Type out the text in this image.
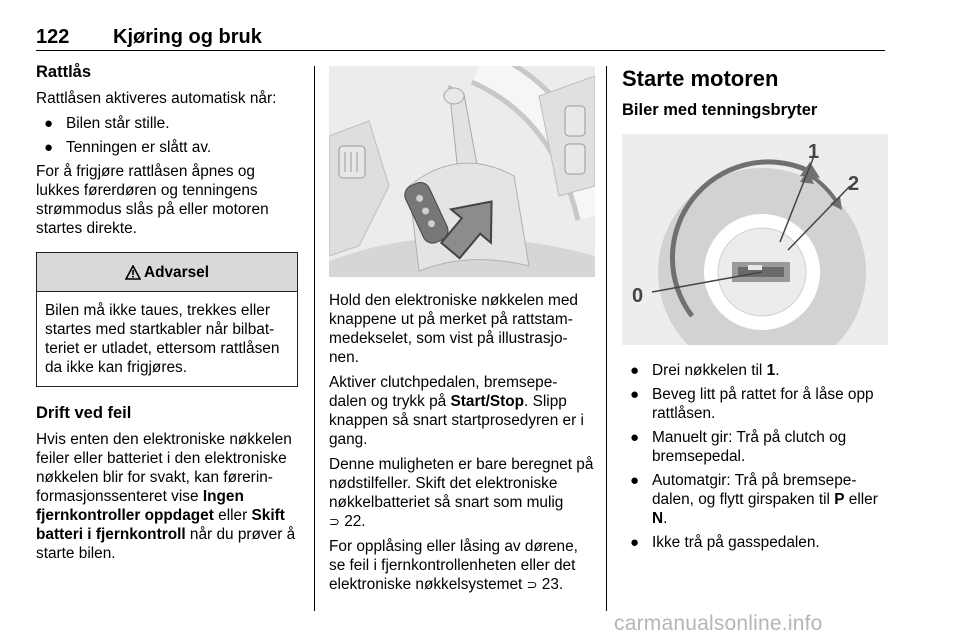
122 Kjøring og bruk
Rattlås

Rattlåsen aktiveres automatisk når:

● Bilen står stille.
● Tenningen er slått av.

For å frigjøre rattlåsen åpnes og lukkes førerdøren og tenningens strømmodus slås på eller motoren startes direkte.

Advarsel
Bilen må ikke taues, trekkes eller startes med startkabler når bilbat-teriet er utladet, ettersom rattlåsen da ikke kan frigjøres.
Drift ved feil

Hvis enten den elektroniske nøkkelen feiler eller batteriet i den elektroniske nøkkelen blir for svakt, kan førerin-formasjonssenteret vise Ingen fjernkontroller oppdaget eller Skift batteri i fjernkontroll når du prøver å starte bilen.

Hold den elektroniske nøkkelen med knappene ut på merket på rattstam-medekselet, som vist på illustrasjo-nen.

Aktiver clutchpedalen, bremsepe-dalen og trykk på Start/Stop. Slipp knappen så snart startprosedyren er i gang.

Denne muligheten er bare beregnet på nødstilfeller. Skift det elektroniske nøkkelbatteriet så snart som mulig
⊃ 22.

For opplåsing eller låsing av dørene, se feil i fjernkontrollenheten eller det elektroniske nøkkelsystemet ⊃ 23.

Starte motoren
Biler med tenningsbryter
0
1
2
● Drei nøkkelen til 1.
● Beveg litt på rattet for å låse opp rattlåsen.
● Manuelt gir: Trå på clutch og bremsepedal.
● Automatgir: Trå på bremsepe-dalen, og flytt girspaken til P eller N.
● Ikke trå på gasspedalen.
carmanualsonline.info
